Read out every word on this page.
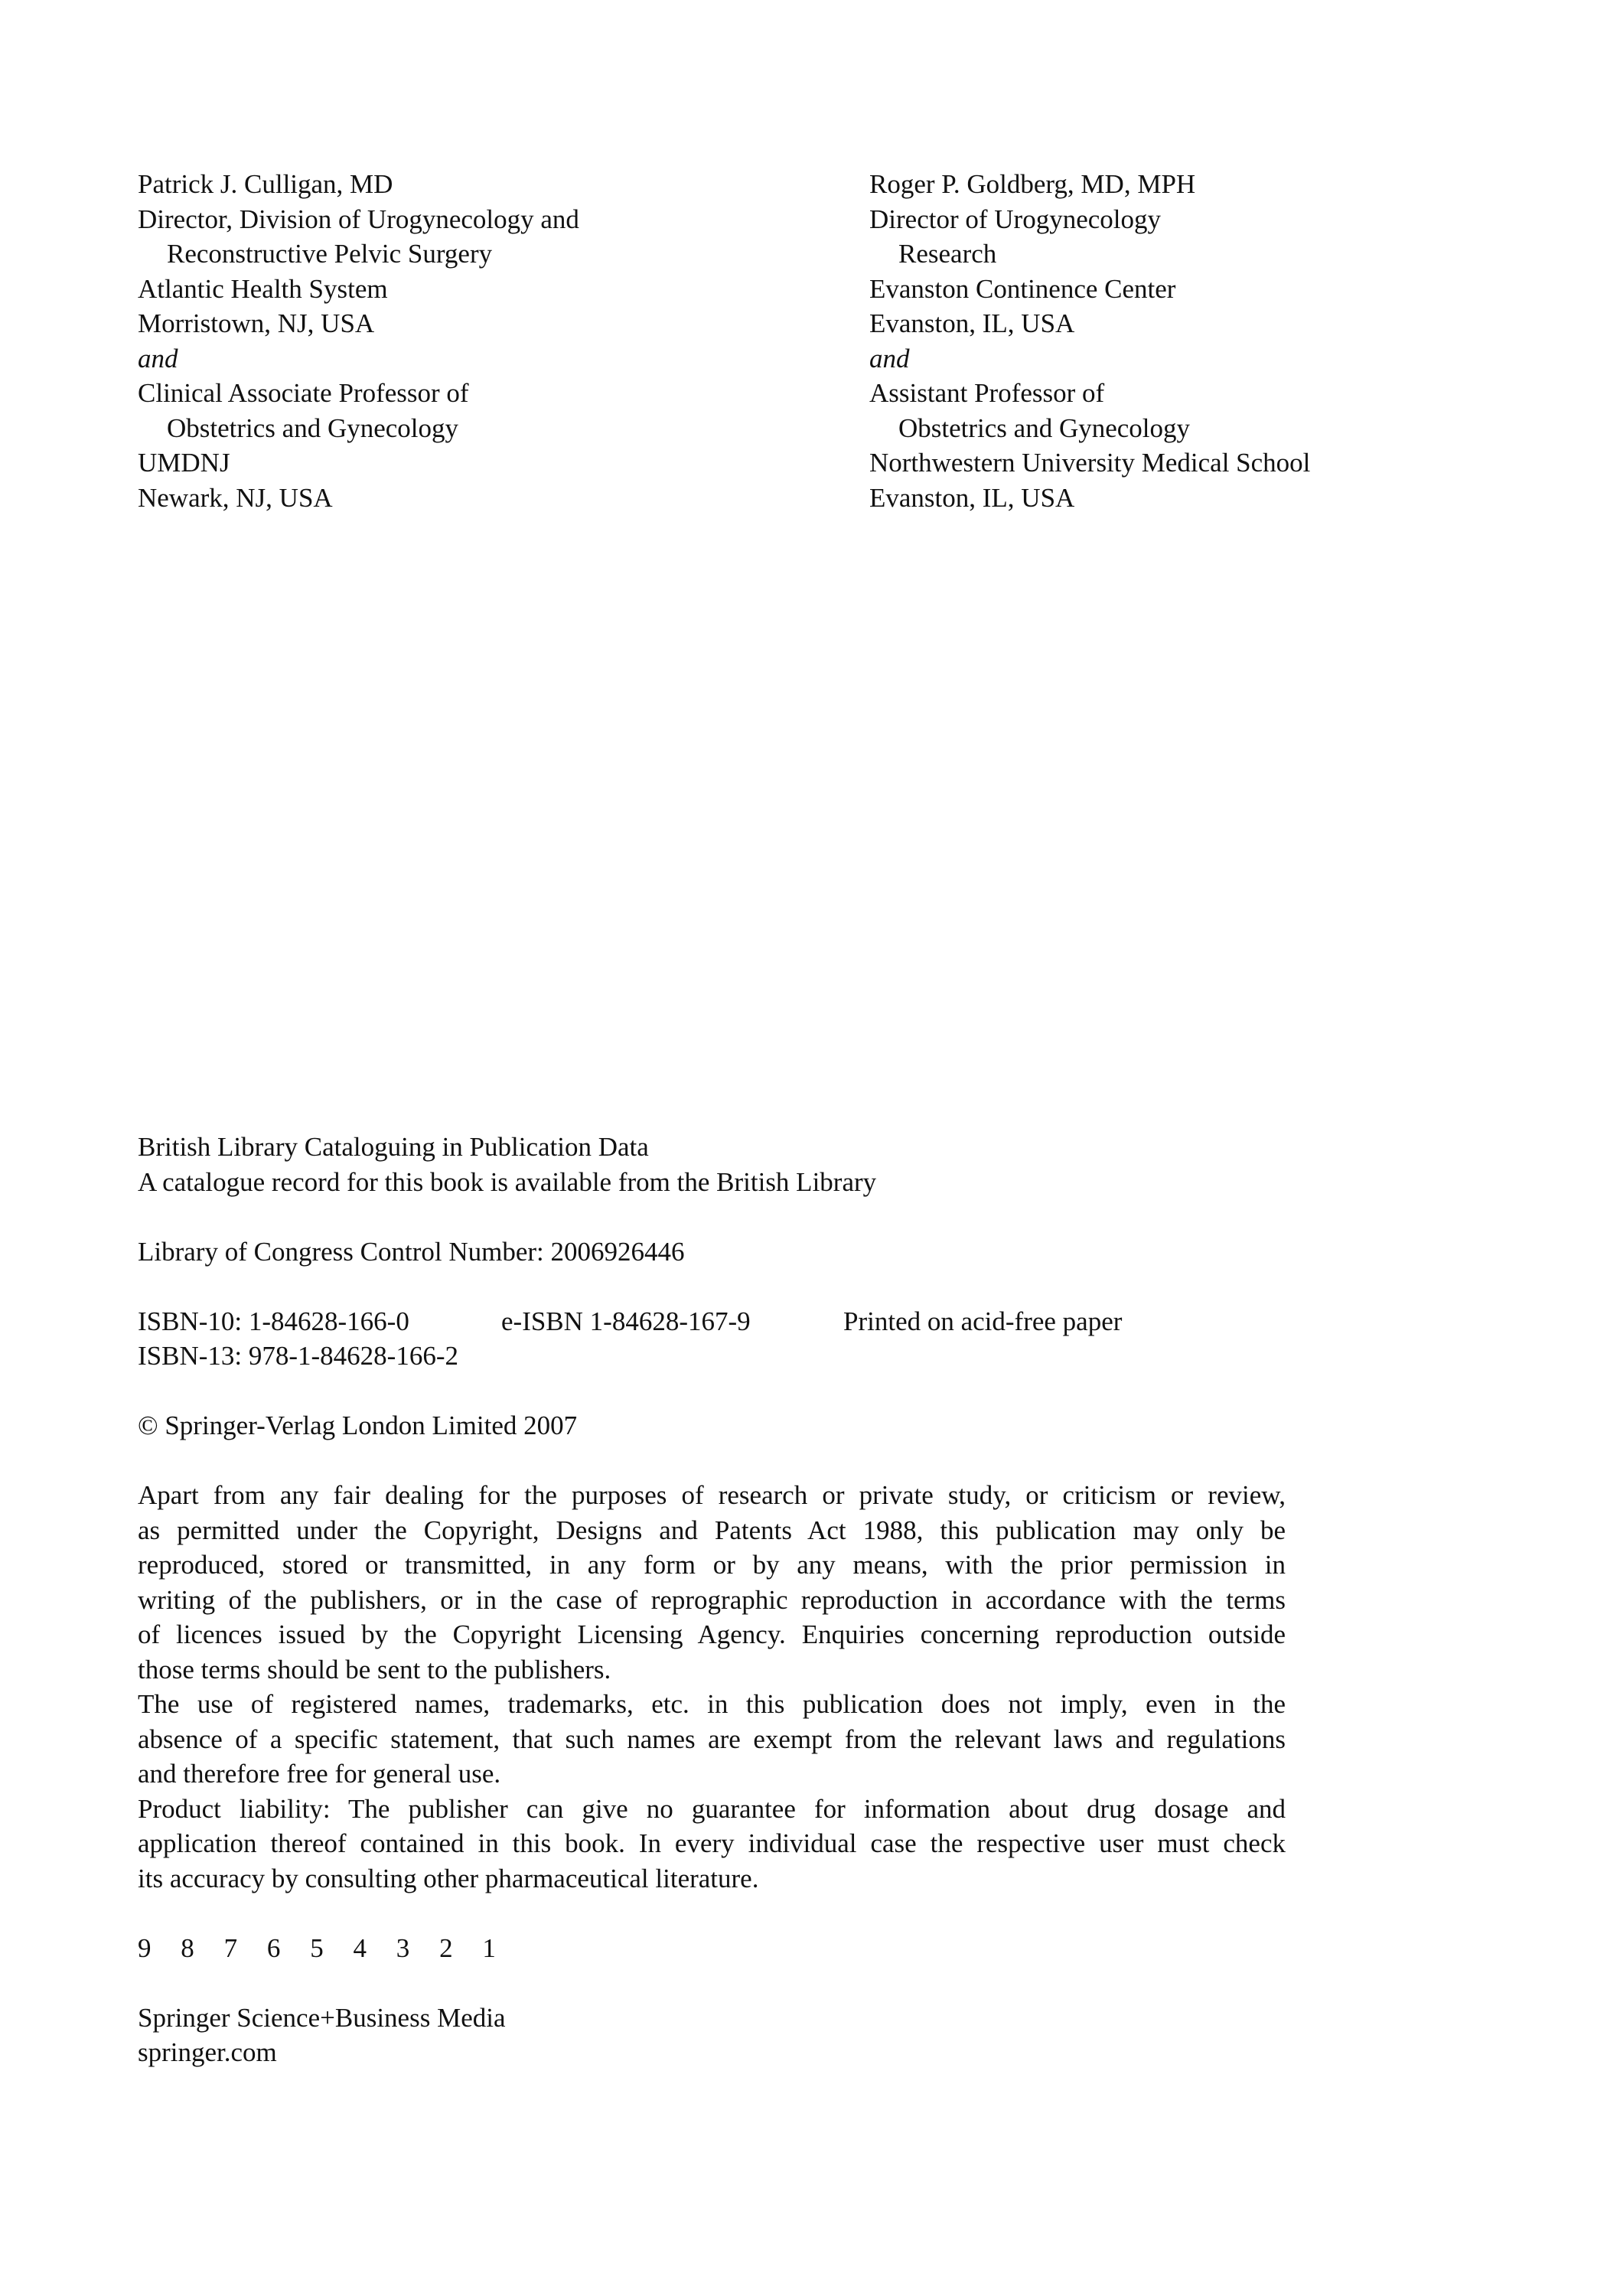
Patrick J. Culligan, MD
Director, Division of Urogynecology and
Reconstructive Pelvic Surgery
Atlantic Health System
Morristown, NJ, USA
and
Clinical Associate Professor of
Obstetrics and Gynecology
UMDNJ
Newark, NJ, USA
Roger P. Goldberg, MD, MPH
Director of Urogynecology
Research
Evanston Continence Center
Evanston, IL, USA
and
Assistant Professor of
Obstetrics and Gynecology
Northwestern University Medical School
Evanston, IL, USA
British Library Cataloguing in Publication Data
A catalogue record for this book is available from the British Library
Library of Congress Control Number: 2006926446
ISBN-10: 1-84628-166-0	e-ISBN 1-84628-167-9	Printed on acid-free paper
ISBN-13: 978-1-84628-166-2
© Springer-Verlag London Limited 2007
Apart from any fair dealing for the purposes of research or private study, or criticism or review,
as permitted under the Copyright, Designs and Patents Act 1988, this publication may only be
reproduced, stored or transmitted, in any form or by any means, with the prior permission in
writing of the publishers, or in the case of reprographic reproduction in accordance with the terms
of licences issued by the Copyright Licensing Agency. Enquiries concerning reproduction outside
those terms should be sent to the publishers.
The use of registered names, trademarks, etc. in this publication does not imply, even in the
absence of a specific statement, that such names are exempt from the relevant laws and regulations
and therefore free for general use.
Product liability: The publisher can give no guarantee for information about drug dosage and
application thereof contained in this book. In every individual case the respective user must check
its accuracy by consulting other pharmaceutical literature.
9 8 7 6 5 4 3 2 1
Springer Science+Business Media
springer.com
